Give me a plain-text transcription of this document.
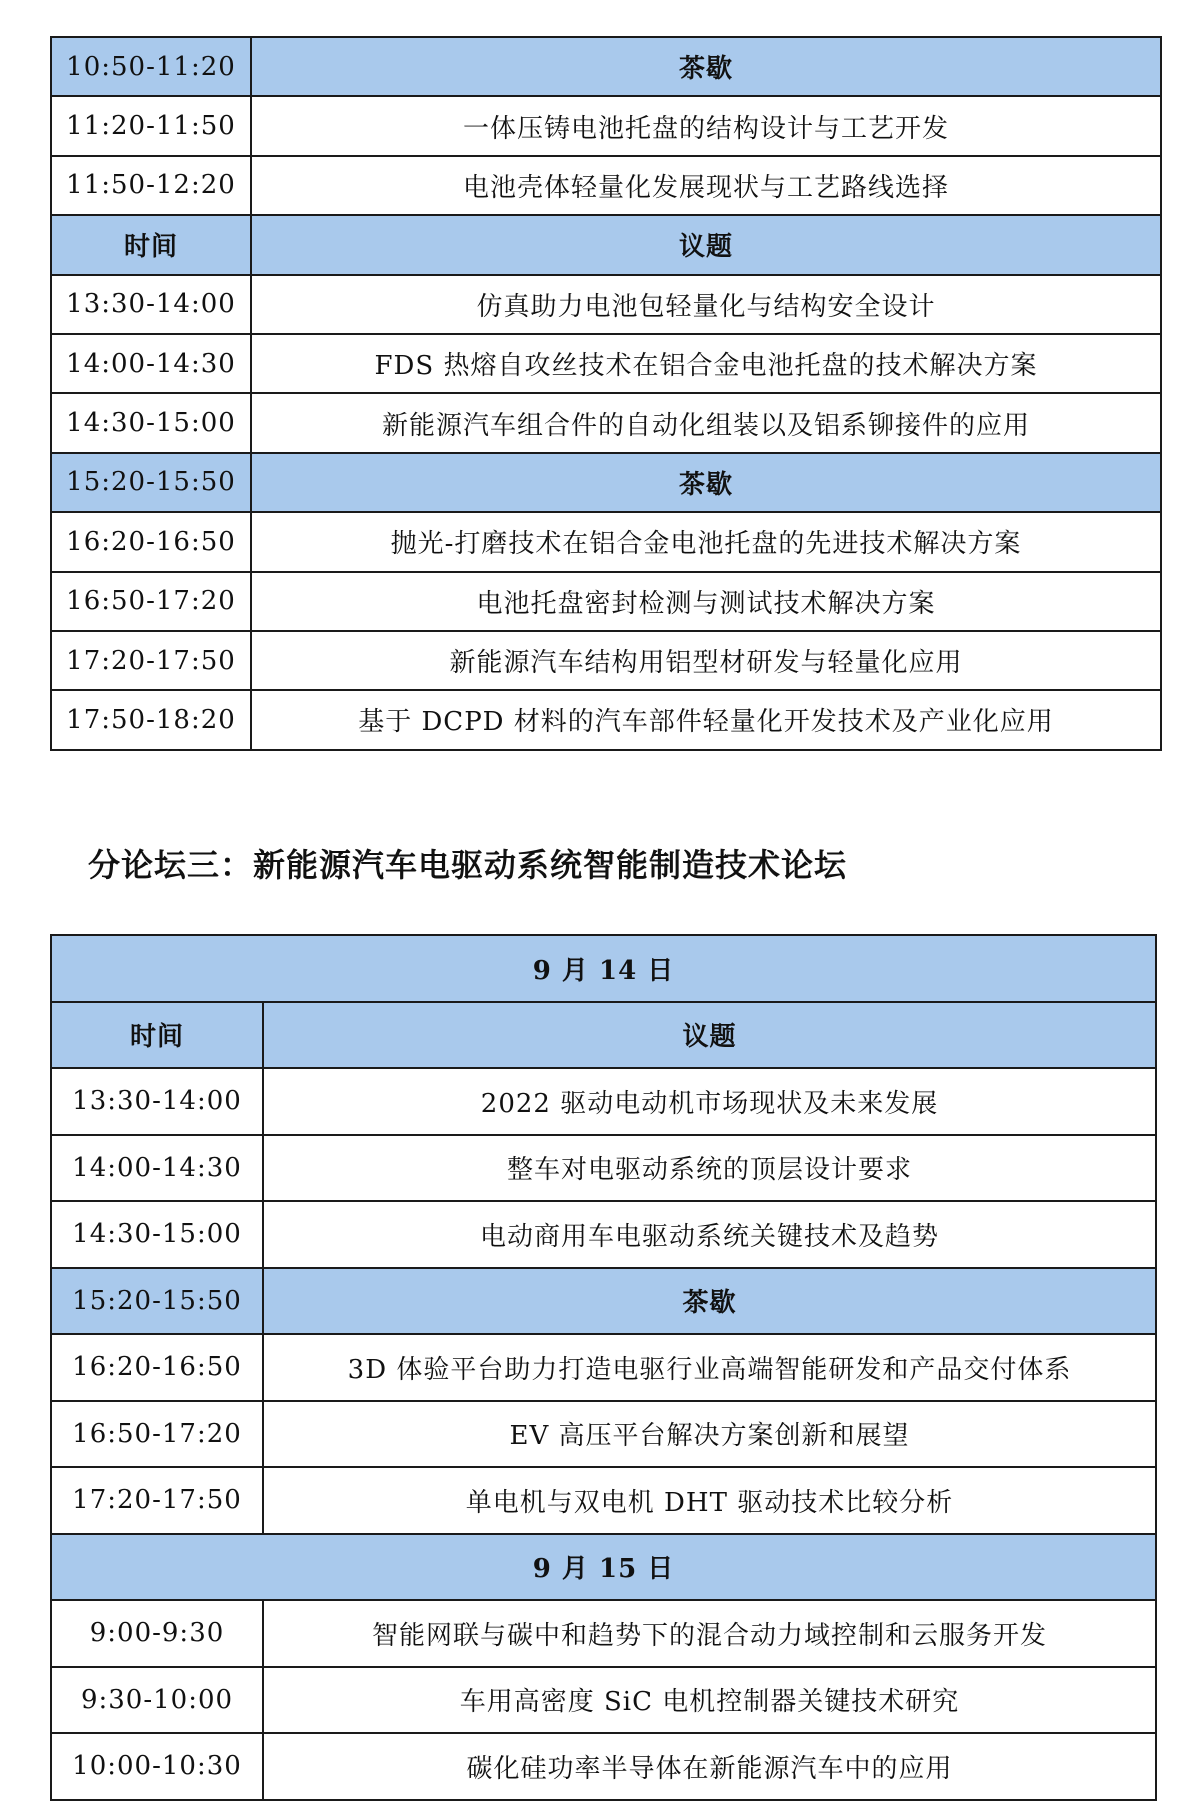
10:50-11:20	茶歇
11:20-11:50	一体压铸电池托盘的结构设计与工艺开发
11:50-12:20	电池壳体轻量化发展现状与工艺路线选择
时间	议题
13:30-14:00	仿真助力电池包轻量化与结构安全设计
14:00-14:30	FDS 热熔自攻丝技术在铝合金电池托盘的技术解决方案
14:30-15:00	新能源汽车组合件的自动化组装以及铝系铆接件的应用
15:20-15:50	茶歇
16:20-16:50	抛光-打磨技术在铝合金电池托盘的先进技术解决方案
16:50-17:20	电池托盘密封检测与测试技术解决方案
17:20-17:50	新能源汽车结构用铝型材研发与轻量化应用
17:50-18:20	基于 DCPD 材料的汽车部件轻量化开发技术及产业化应用
分论坛三：新能源汽车电驱动系统智能制造技术论坛
9 月 14 日	
时间	议题
13:30-14:00	2022 驱动电动机市场现状及未来发展
14:00-14:30	整车对电驱动系统的顶层设计要求
14:30-15:00	电动商用车电驱动系统关键技术及趋势
15:20-15:50	茶歇
16:20-16:50	3D 体验平台助力打造电驱行业高端智能研发和产品交付体系
16:50-17:20	EV 高压平台解决方案创新和展望
17:20-17:50	单电机与双电机 DHT 驱动技术比较分析
9 月 15 日	
9:00-9:30	智能网联与碳中和趋势下的混合动力域控制和云服务开发
9:30-10:00	车用高密度 SiC 电机控制器关键技术研究
10:00-10:30	碳化硅功率半导体在新能源汽车中的应用
